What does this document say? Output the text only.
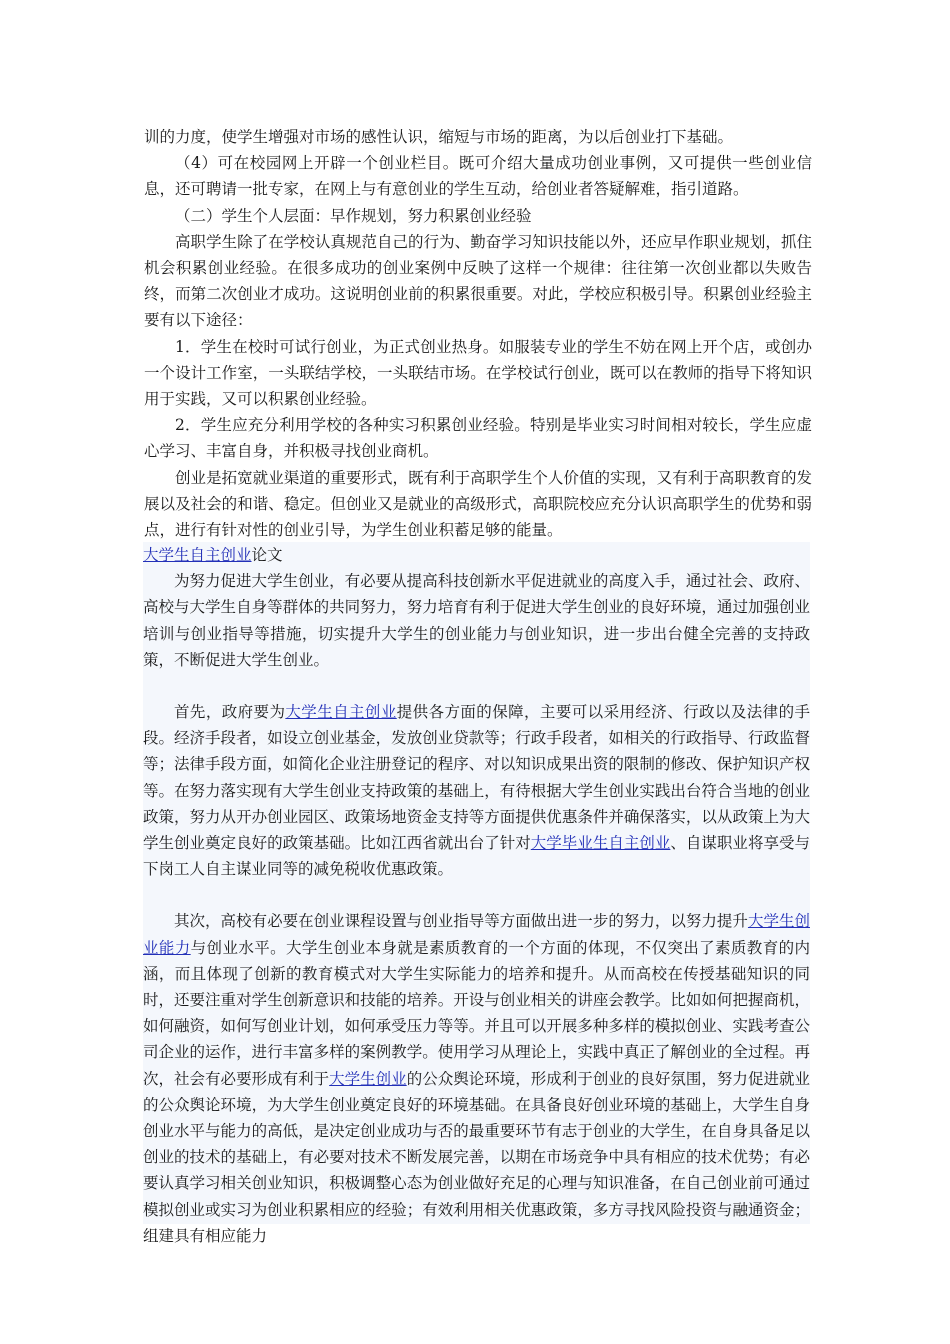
训的力度，使学生增强对市场的感性认识，缩短与市场的距离，为以后创业打下基础。

（4）可在校园网上开辟一个创业栏目。既可介绍大量成功创业事例，又可提供一些创业信息，还可聘请一批专家，在网上与有意创业的学生互动，给创业者答疑解难，指引道路。

（二）学生个人层面：早作规划，努力积累创业经验

高职学生除了在学校认真规范自己的行为、勤奋学习知识技能以外，还应早作职业规划，抓住机会积累创业经验。在很多成功的创业案例中反映了这样一个规律：往往第一次创业都以失败告终，而第二次创业才成功。这说明创业前的积累很重要。对此，学校应积极引导。积累创业经验主要有以下途径：

1．学生在校时可试行创业，为正式创业热身。如服装专业的学生不妨在网上开个店，或创办一个设计工作室，一头联结学校，一头联结市场。在学校试行创业，既可以在教师的指导下将知识用于实践，又可以积累创业经验。

2．学生应充分利用学校的各种实习积累创业经验。特别是毕业实习时间相对较长，学生应虚心学习、丰富自身，并积极寻找创业商机。

创业是拓宽就业渠道的重要形式，既有利于高职学生个人价值的实现，又有利于高职教育的发展以及社会的和谐、稳定。但创业又是就业的高级形式，高职院校应充分认识高职学生的优势和弱点，进行有针对性的创业引导，为学生创业积蓄足够的能量。

大学生自主创业论文

为努力促进大学生创业，有必要从提高科技创新水平促进就业的高度入手，通过社会、政府、高校与大学生自身等群体的共同努力，努力培育有利于促进大学生创业的良好环境，通过加强创业培训与创业指导等措施，切实提升大学生的创业能力与创业知识，进一步出台健全完善的支持政策，不断促进大学生创业。

首先，政府要为大学生自主创业提供各方面的保障，主要可以采用经济、行政以及法律的手段。经济手段者，如设立创业基金，发放创业贷款等；行政手段者，如相关的行政指导、行政监督等；法律手段方面，如简化企业注册登记的程序、对以知识成果出资的限制的修改、保护知识产权等。在努力落实现有大学生创业支持政策的基础上，有待根据大学生创业实践出台符合当地的创业政策，努力从开办创业园区、政策场地资金支持等方面提供优惠条件并确保落实，以从政策上为大学生创业奠定良好的政策基础。比如江西省就出台了针对大学毕业生自主创业、自谋职业将享受与下岗工人自主谋业同等的减免税收优惠政策。

其次，高校有必要在创业课程设置与创业指导等方面做出进一步的努力，以努力提升大学生创业能力与创业水平。大学生创业本身就是素质教育的一个方面的体现，不仅突出了素质教育的内涵，而且体现了创新的教育模式对大学生实际能力的培养和提升。从而高校在传授基础知识的同时，还要注重对学生创新意识和技能的培养。开设与创业相关的讲座会教学。比如如何把握商机，如何融资，如何写创业计划，如何承受压力等等。并且可以开展多种多样的模拟创业、实践考查公司企业的运作，进行丰富多样的案例教学。使用学习从理论上，实践中真正了解创业的全过程。再次，社会有必要形成有利于大学生创业的公众舆论环境，形成利于创业的良好氛围，努力促进就业的公众舆论环境，为大学生创业奠定良好的环境基础。在具备良好创业环境的基础上，大学生自身创业水平与能力的高低，是决定创业成功与否的最重要环节有志于创业的大学生，在自身具备足以创业的技术的基础上，有必要对技术不断发展完善，以期在市场竞争中具有相应的技术优势；有必要认真学习相关创业知识，积极调整心态为创业做好充足的心理与知识准备，在自己创业前可通过模拟创业或实习为创业积累相应的经验；有效利用相关优惠政策，多方寻找风险投资与融通资金；组建具有相应能力
